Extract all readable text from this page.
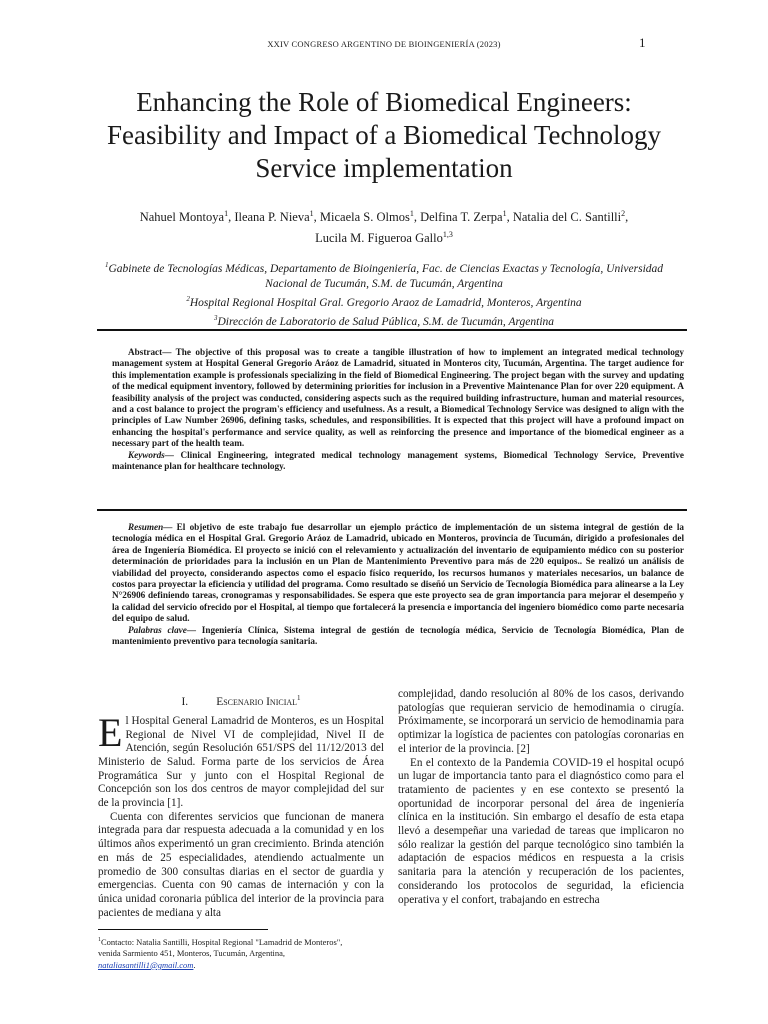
XXIV CONGRESO ARGENTINO DE BIOINGENIERÍA (2023)	1
Enhancing the Role of Biomedical Engineers:
Feasibility and Impact of a Biomedical Technology
Service implementation
Nahuel Montoya$^1$, Ileana P. Nieva$^1$, Micaela S. Olmos$^1$, Delfina T. Zerpa$^1$, Natalia del C. Santilli$^2$,
Lucila M. Figueroa Gallo$^{1,3}$
$^1$Gabinete de Tecnologías Médicas, Departamento de Bioingeniería, Fac. de Ciencias Exactas y Tecnología, Universidad Nacional de Tucumán, S.M. de Tucumán, Argentina
$^2$Hospital Regional Hospital Gral. Gregorio Araoz de Lamadrid, Monteros, Argentina
$^3$Dirección de Laboratorio de Salud Pública, S.M. de Tucumán, Argentina

Abstract— The objective of this proposal was to create a tangible illustration of how to implement an integrated medical technology management system at Hospital General Gregorio Aráoz de Lamadrid, situated in Monteros city, Tucumán, Argentina. The target audience for this implementation example is professionals specializing in the field of Biomedical Engineering. The project began with the survey and updating of the medical equipment inventory, followed by determining priorities for inclusion in a Preventive Maintenance Plan for over 220 equipment. A feasibility analysis of the project was conducted, considering aspects such as the required building infrastructure, human and material resources, and a cost balance to project the program's efficiency and usefulness. As a result, a Biomedical Technology Service was designed to align with the principles of Law Number 26906, defining tasks, schedules, and responsibilities. It is expected that this project will have a profound impact on enhancing the hospital's performance and service quality, as well as reinforcing the presence and importance of the biomedical engineer as a necessary part of the health team.

Keywords— Clinical Engineering, integrated medical technology management systems, Biomedical Technology Service, Preventive maintenance plan for healthcare technology.

Resumen— El objetivo de este trabajo fue desarrollar un ejemplo práctico de implementación de un sistema integral de gestión de la tecnología médica en el Hospital Gral. Gregorio Aráoz de Lamadrid, ubicado en Monteros, provincia de Tucumán, dirigido a profesionales del área de Ingeniería Biomédica. El proyecto se inició con el relevamiento y actualización del inventario de equipamiento médico con su posterior determinación de prioridades para la inclusión en un Plan de Mantenimiento Preventivo para más de 220 equipos.. Se realizó un análisis de viabilidad del proyecto, considerando aspectos como el espacio físico requerido, los recursos humanos y materiales necesarios, un balance de costos para proyectar la eficiencia y utilidad del programa. Como resultado se diseñó un Servicio de Tecnología Biomédica para alinearse a la Ley N°26906 definiendo tareas, cronogramas y responsabilidades. Se espera que este proyecto sea de gran importancia para mejorar el desempeño y la calidad del servicio ofrecido por el Hospital, al tiempo que fortalecerá la presencia e importancia del ingeniero biomédico como parte necesaria del equipo de salud.

Palabras clave— Ingeniería Clínica, Sistema integral de gestión de tecnología médica, Servicio de Tecnología Biomédica, Plan de mantenimiento preventivo para tecnología sanitaria.

I. Escenario Inicial$^1$

El Hospital General Lamadrid de Monteros, es un Hospital Regional de Nivel VI de complejidad, Nivel II de Atención, según Resolución 651/SPS del 11/12/2013 del Ministerio de Salud. Forma parte de los servicios de Área Programática Sur y junto con el Hospital Regional de Concepción son los dos centros de mayor complejidad del sur de la provincia [1].

Cuenta con diferentes servicios que funcionan de manera integrada para dar respuesta adecuada a la comunidad y en los últimos años experimentó un gran crecimiento. Brinda atención en más de 25 especialidades, atendiendo actualmente un promedio de 300 consultas diarias en el sector de guardia y emergencias. Cuenta con 90 camas de internación y con la única unidad coronaria pública del interior de la provincia para pacientes de mediana y alta

complejidad, dando resolución al 80% de los casos, derivando patologías que requieran servicio de hemodinamia o cirugía. Próximamente, se incorporará un servicio de hemodinamia para optimizar la logística de pacientes con patologías coronarias en el interior de la provincia. [2]

En el contexto de la Pandemia COVID-19 el hospital ocupó un lugar de importancia tanto para el diagnóstico como para el tratamiento de pacientes y en ese contexto se presentó la oportunidad de incorporar personal del área de ingeniería clínica en la institución. Sin embargo el desafío de esta etapa llevó a desempeñar una variedad de tareas que implicaron no sólo realizar la gestión del parque tecnológico sino también la adaptación de espacios médicos en respuesta a la crisis sanitaria para la atención y recuperación de los pacientes, considerando los protocolos de seguridad, la eficiencia operativa y el confort, trabajando en estrecha

$^1$Contacto: Natalia Santilli, Hospital Regional "Lamadrid de Monteros",
venida Sarmiento 451, Monteros, Tucumán, Argentina,
nataliasantilli1@gmail.com.
